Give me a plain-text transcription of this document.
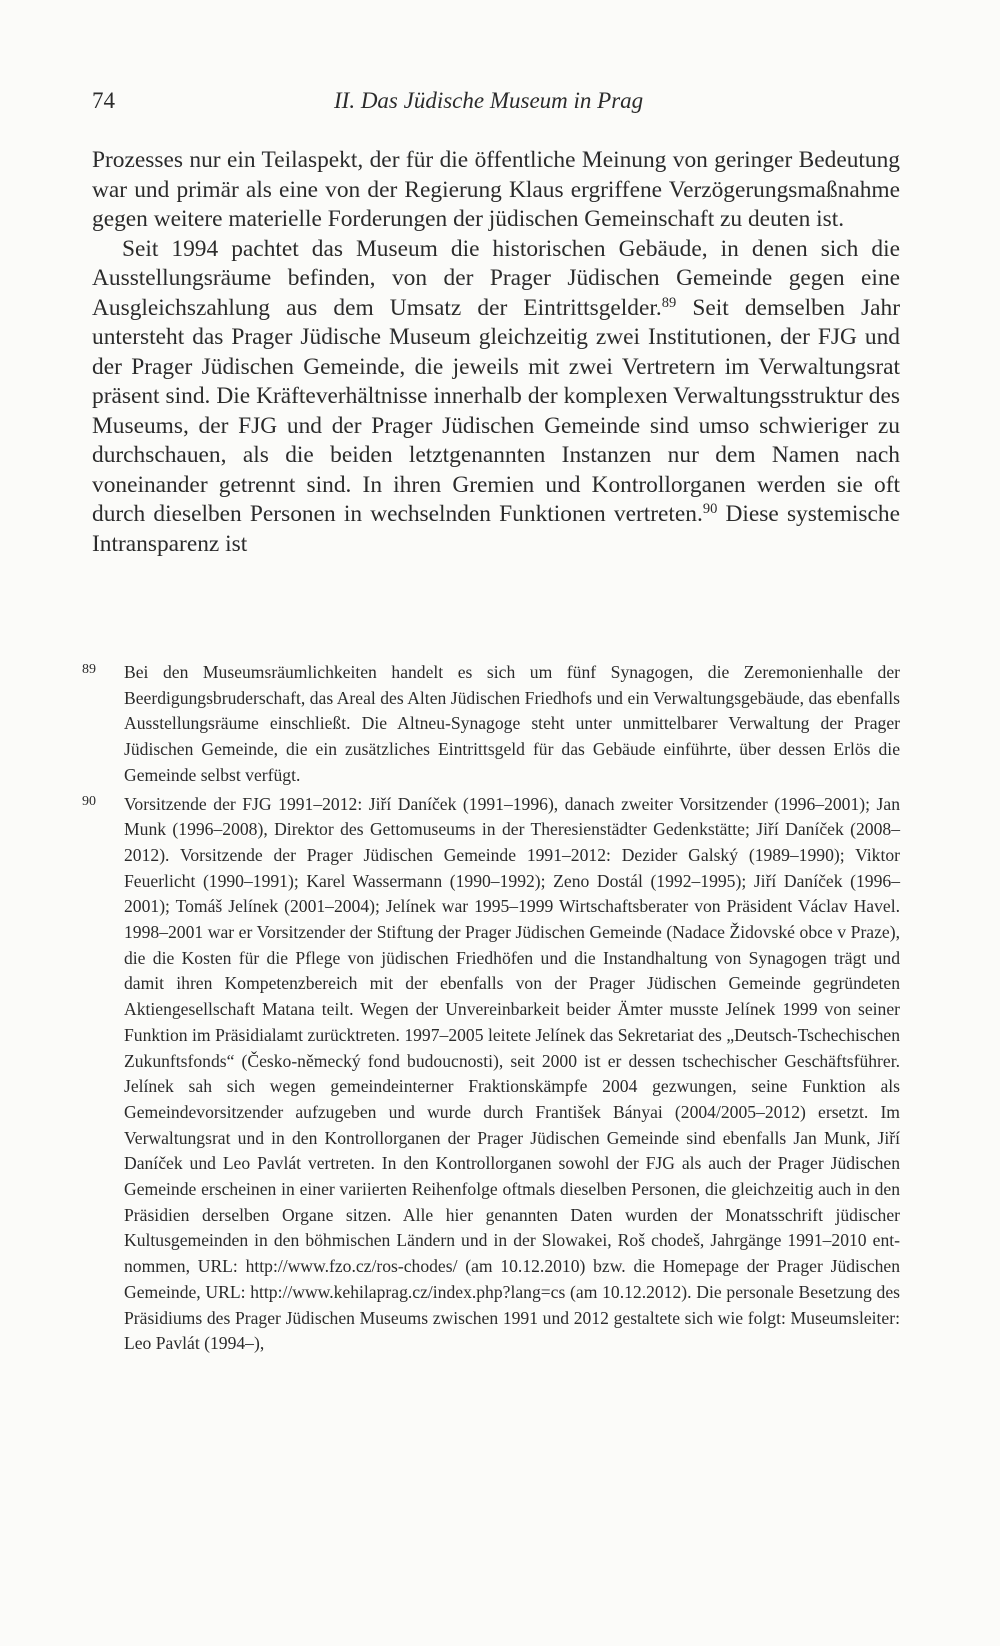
74	II. Das Jüdische Museum in Prag

Prozesses nur ein Teilaspekt, der für die öffentliche Meinung von geringer Bedeutung war und primär als eine von der Regierung Klaus ergriffene Verzögerungsmaßnahme gegen weitere materielle Forderungen der jüdischen Gemeinschaft zu deuten ist.

Seit 1994 pachtet das Museum die historischen Gebäude, in denen sich die Ausstellungsräume befinden, von der Prager Jüdischen Gemeinde gegen eine Ausgleichszahlung aus dem Umsatz der Eintrittsgelder.$^{89}$ Seit demselben Jahr untersteht das Prager Jüdische Museum gleichzeitig zwei Institutionen, der FJG und der Prager Jüdischen Gemeinde, die jeweils mit zwei Vertretern im Verwaltungsrat präsent sind. Die Kräfteverhältnisse innerhalb der komplexen Verwaltungsstruktur des Museums, der FJG und der Prager Jüdischen Gemeinde sind umso schwieriger zu durchschauen, als die beiden letztgenannten Instanzen nur dem Namen nach voneinander getrennt sind. In ihren Gremien und Kontrollorganen werden sie oft durch dieselben Personen in wechselnden Funktionen vertreten.$^{90}$ Diese systemische Intransparenz ist

89	Bei den Museumsräumlichkeiten handelt es sich um fünf Synagogen, die Zeremonienhalle der Beerdigungsbruderschaft, das Areal des Alten Jüdischen Friedhofs und ein Verwaltungsgebäude, das ebenfalls Ausstellungsräume einschließt. Die Altneu-Synagoge steht unter unmittelbarer Verwaltung der Prager Jüdischen Gemeinde, die ein zusätzliches Eintrittsgeld für das Gebäude einführte, über dessen Erlös die Gemeinde selbst verfügt.
90	Vorsitzende der FJG 1991–2012: Jiří Daníček (1991–1996), danach zweiter Vorsitzender (1996–2001); Jan Munk (1996–2008), Direktor des Gettomuseums in der Theresienstädter Gedenkstätte; Jiří Daníček (2008–2012). Vorsitzende der Prager Jüdischen Gemeinde 1991–2012: Dezider Galský (1989–1990); Viktor Feuerlicht (1990–1991); Karel Wassermann (1990–1992); Zeno Dostál (1992–1995); Jiří Daníček (1996–2001); Tomáš Jelínek (2001–2004); Jelínek war 1995–1999 Wirtschaftsberater von Präsident Václav Havel. 1998–2001 war er Vorsitzender der Stiftung der Prager Jüdischen Gemeinde (Nadace Židovské obce v Praze), die die Kosten für die Pflege von jüdischen Friedhöfen und die Instandhaltung von Synagogen trägt und damit ihren Kompetenzbereich mit der ebenfalls von der Prager Jüdischen Gemeinde gegründeten Aktiengesellschaft Matana teilt. Wegen der Unvereinbarkeit beider Ämter musste Jelínek 1999 von seiner Funktion im Präsidialamt zurücktreten. 1997–2005 leitete Jelínek das Sekretariat des „Deutsch-Tschechischen Zukunftsfonds“ (Česko-německý fond budoucnosti), seit 2000 ist er dessen tschechischer Geschäftsführer. Jelínek sah sich wegen gemeindeinterner Fraktionskämpfe 2004 gezwungen, seine Funktion als Gemeindevorsitzender aufzugeben und wurde durch František Bányai (2004/2005–2012) ersetzt. Im Verwaltungsrat und in den Kontrollorganen der Prager Jüdischen Gemeinde sind ebenfalls Jan Munk, Jiří Daníček und Leo Pavlát vertreten. In den Kontrollorganen sowohl der FJG als auch der Prager Jüdischen Gemeinde erscheinen in einer variierten Reihenfolge oftmals dieselben Personen, die gleichzeitig auch in den Präsidien derselben Organe sitzen. Alle hier genannten Daten wurden der Monatsschrift jüdischer Kultusgemeinden in den böhmischen Ländern und in der Slowakei, Roš chodeš, Jahrgänge 1991–2010 entnommen, URL: http://www.fzo.cz/ros-chodes/ (am 10.12.2010) bzw. die Homepage der Prager Jüdischen Gemeinde, URL: http://www.kehilaprag.cz/index.php?lang=cs (am 10.12.2012). Die personale Besetzung des Präsidiums des Prager Jüdischen Museums zwischen 1991 und 2012 gestaltete sich wie folgt: Museumsleiter: Leo Pavlát (1994–),
